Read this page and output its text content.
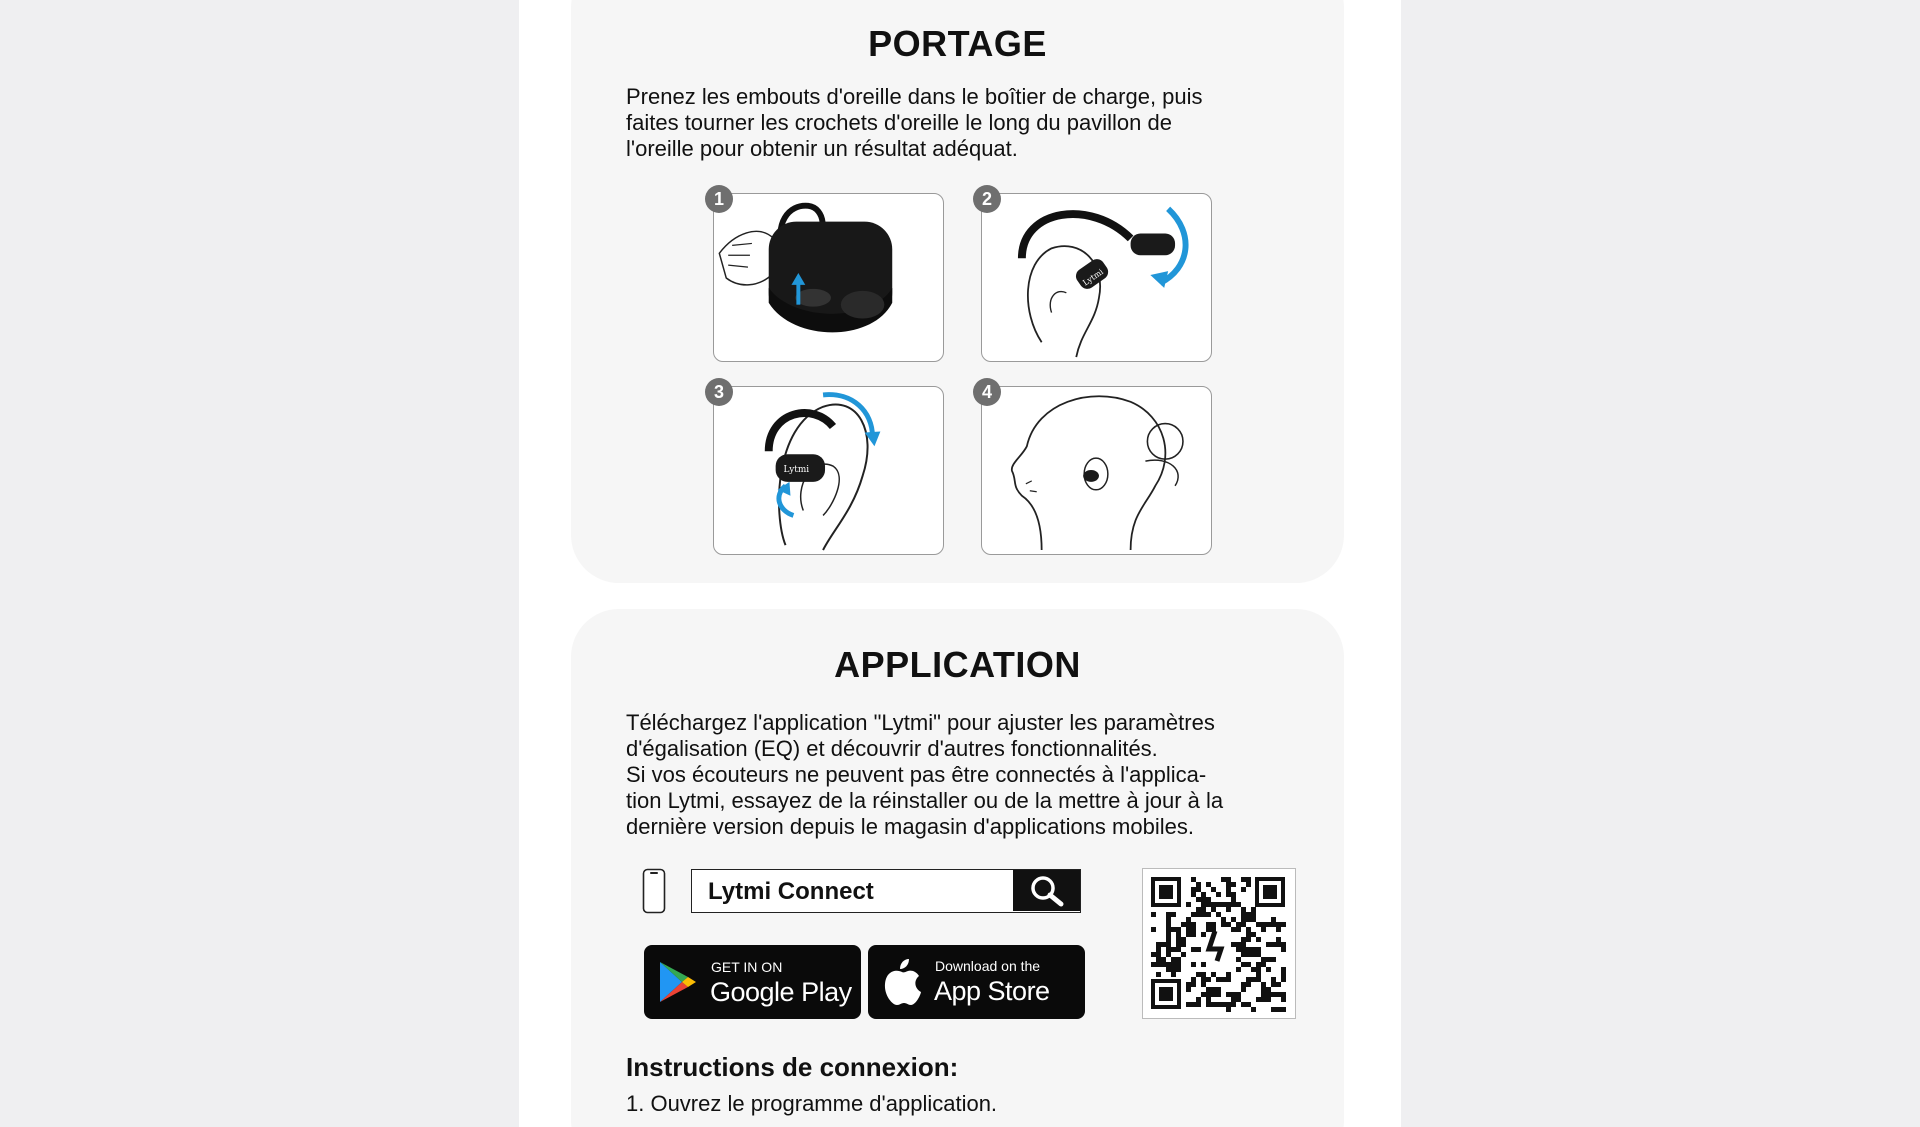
PORTAGE
Prenez les embouts d'oreille dans le boîtier de charge, puis
faites tourner les crochets d'oreille le long du pavillon de
l'oreille pour obtenir un résultat adéquat.
1
Lytmi
2
Lytmi
3	4
APPLICATION
Téléchargez l'application "Lytmi" pour ajuster les paramètres
d'égalisation (EQ) et découvrir d'autres fonctionnalités.
Si vos écouteurs ne peuvent pas être connectés à l'applica-
tion Lytmi, essayez de la réinstaller ou de la mettre à jour à la
dernière version depuis le magasin d'applications mobiles.
Lytmi Connect
GET IN ON
Google Play
Download on the
App Store
Instructions de connexion:
1. Ouvrez le programme d'application.
